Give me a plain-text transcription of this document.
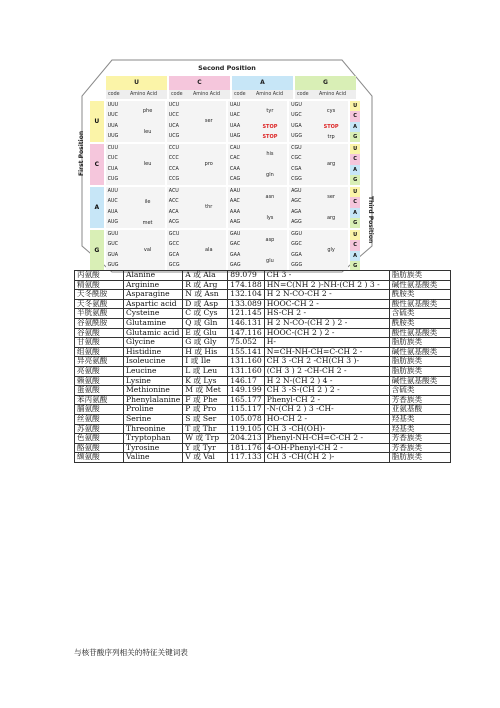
Second Position
First Position
Third Position
U	C	A	G
code	Amino Acid	code	Amino Acid	code	Amino Acid	code	Amino Acid
U
UUU
UUC
UUA
UUG
phe
leu
UCU
UCC
UCA
UCG
ser
UAU
UAC
UAA
UAG
tyr
STOP
STOP
UGU
UGC
UGA
UGG
cys
STOP
trp
U
C
A
G
C
CUU
CUC
CUA
CUG
leu
CCU
CCC
CCA
CCG
pro
CAU
CAC
CAA
CAG
his
gln
CGU
CGC
CGA
CGG
arg
U
C
A
G
A
AUU
AUC
AUA
AUG
ile
met
ACU
ACC
ACA
ACG
thr
AAU
AAC
AAA
AAG
asn
lys
AGU
AGC
AGA
AGG
ser
arg
U
C
A
G
G
GUU
GUC
GUA
GUG
val
GCU
GCC
GCA
GCG
ala
GAU
GAC
GAA
GAG
asp
glu
GGU
GGC
GGA
GGG
gly
U
C
A
G
丙氨酸	Alanine	A 或 Ala	89.079	CH 3 -	脂肪族类
精氨酸	Arginine	R 或 Arg	174.188	HN=C(NH 2 )-NH-(CH 2 ) 3 -	碱性氨基酸类
天冬酰胺	Asparagine	N 或 Asn	132.104	H 2 N-CO-CH 2 -	酰胺类
天冬氨酸	Aspartic acid	D 或 Asp	133.089	HOOC-CH 2 -	酸性氨基酸类
半胱氨酸	Cysteine	C 或 Cys	121.145	HS-CH 2 -	含硫类
谷氨酰胺	Glutamine	Q 或 Gln	146.131	H 2 N-CO-(CH 2 ) 2 -	酰胺类
谷氨酸	Glutamic acid	E 或 Glu	147.116	HOOC-(CH 2 ) 2 -	酸性氨基酸类
甘氨酸	Glycine	G 或 Gly	75.052	H-	脂肪族类
组氨酸	Histidine	H 或 His	155.141	N=CH-NH-CH=C-CH 2 -	碱性氨基酸类
异亮氨酸	Isoleucine	I 或 Ile	131.160	CH 3 -CH 2 -CH(CH 3 )-	脂肪族类
亮氨酸	Leucine	L 或 Leu	131.160	(CH 3 ) 2 -CH-CH 2 -	脂肪族类
赖氨酸	Lysine	K 或 Lys	146.17	H 2 N-(CH 2 ) 4 -	碱性氨基酸类
蛋氨酸	Methionine	M 或 Met	149.199	CH 3 -S-(CH 2 ) 2 -	含硫类
苯丙氨酸	Phenylalanine	F 或 Phe	165.177	Phenyl-CH 2 -	芳香族类
脯氨酸	Proline	P 或 Pro	115.117	-N-(CH 2 ) 3 -CH-	亚氨基酸
丝氨酸	Serine	S 或 Ser	105.078	HO-CH 2 -	羟基类
苏氨酸	Threonine	T 或 Thr	119.105	CH 3 -CH(OH)-	羟基类
色氨酸	Tryptophan	W 或 Trp	204.213	Phenyl-NH-CH=C-CH 2 -	芳香族类
酪氨酸	Tyrosine	Y 或 Tyr	181.176	4-OH-Phenyl-CH 2 -	芳香族类
缬氨酸	Valine	V 或 Val	117.133	CH 3 -CH(CH 2 )-	脂肪族类
与核苷酸序列相关的特征关键词表
